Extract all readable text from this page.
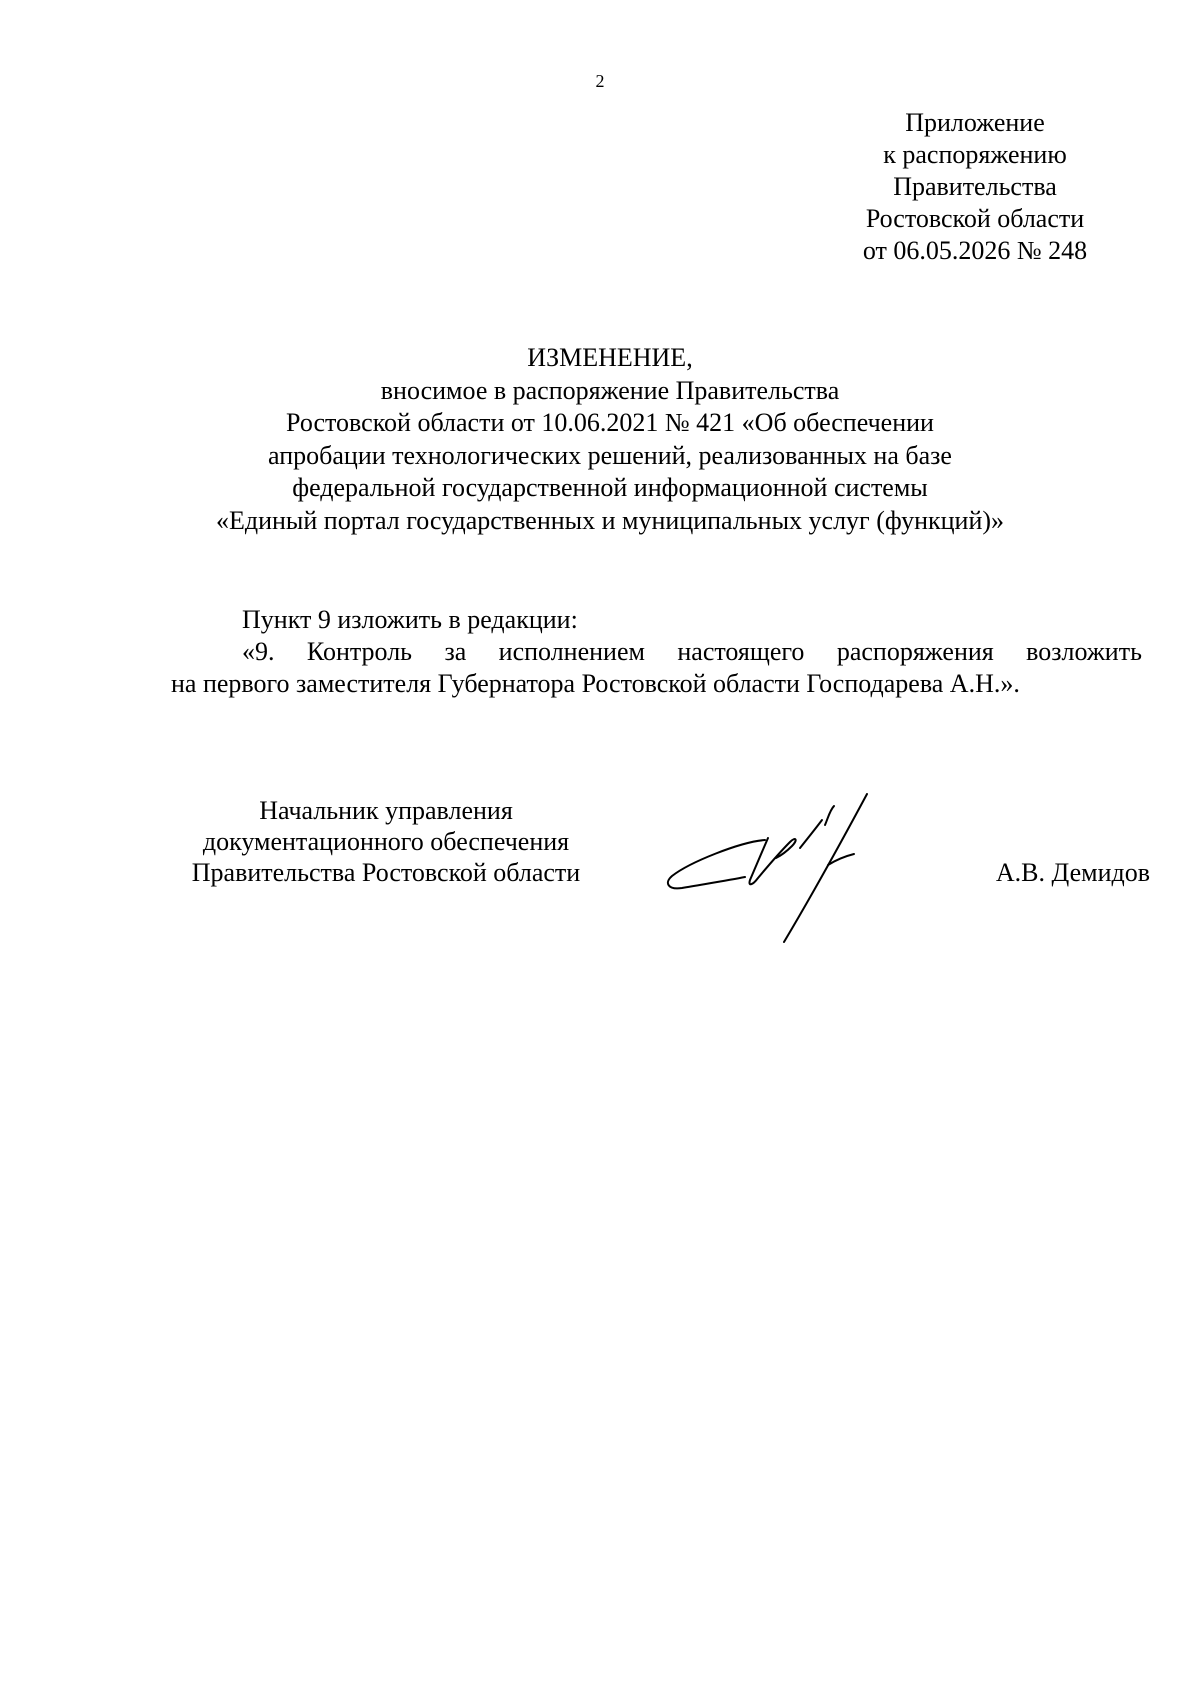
2
Приложение
к распоряжению
Правительства
Ростовской области
от 06.05.2026 № 248
ИЗМЕНЕНИЕ,
вносимое в распоряжение Правительства
Ростовской области от 10.06.2021 № 421 «Об обеспечении
апробации технологических решений, реализованных на базе
федеральной государственной информационной системы
«Единый портал государственных и муниципальных услуг (функций)»
Пункт 9 изложить в редакции:
«9. Контроль за исполнением настоящего распоряжения возложить
на первого заместителя Губернатора Ростовской области Господарева А.Н.».
Начальник управления
документационного обеспечения
Правительства Ростовской области	А.В. Демидов
